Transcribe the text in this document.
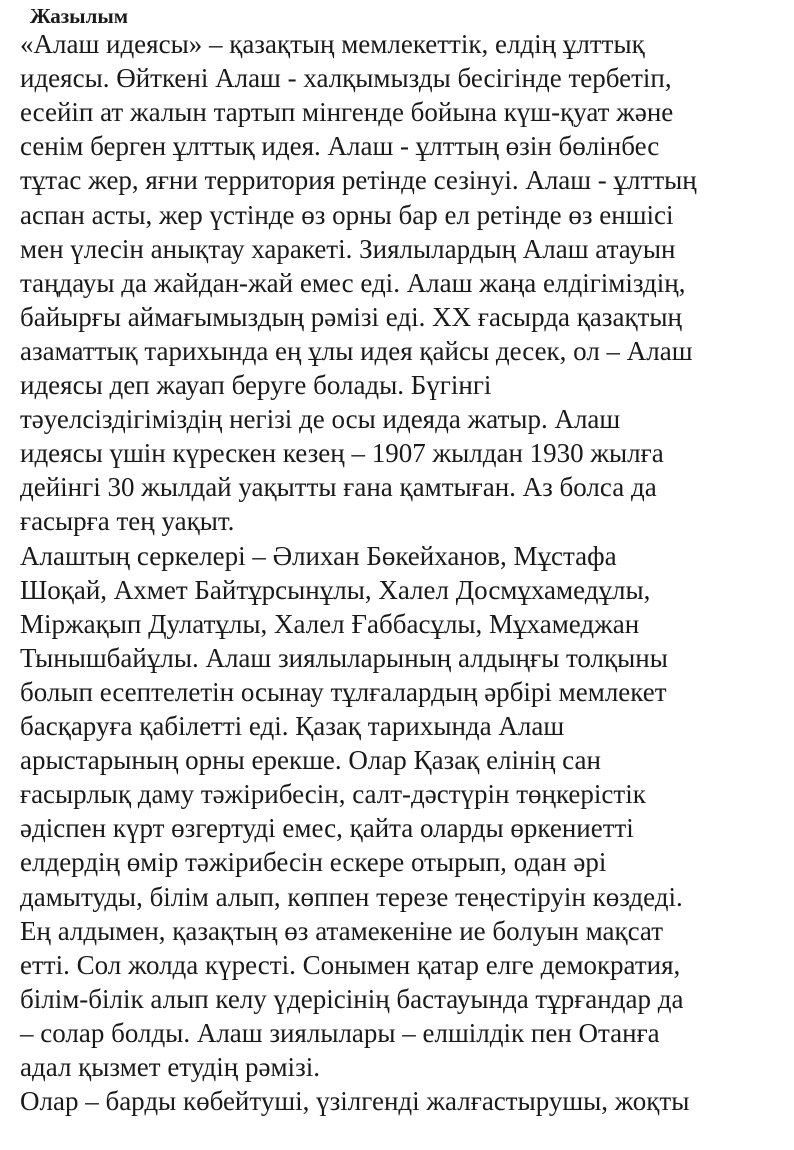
Жазылым
«Алаш идеясы» – қазақтың мемлекеттік, елдің ұлттық
идеясы. Өйткені Алаш - халқымызды бесігінде тербетіп,
есейіп ат жалын тартып мінгенде бойына күш-қуат және
сенім берген ұлттық идея. Алаш - ұлттың өзін бөлінбес
тұтас жер, яғни территория ретінде сезінуі. Алаш - ұлттың
аспан асты, жер үстінде өз орны бар ел ретінде өз еншісі
мен үлесін анықтау харакеті. Зиялылардың Алаш атауын
таңдауы да жайдан-жай емес еді. Алаш жаңа елдігіміздің,
байырғы аймағымыздың рәмізі еді. ХХ ғасырда қазақтың
азаматтық тарихында ең ұлы идея қайсы десек, ол – Алаш
идеясы деп жауап беруге болады. Бүгінгі
тәуелсіздігіміздің негізі де осы идеяда жатыр. Алаш
идеясы үшін күрескен кезең – 1907 жылдан 1930 жылға
дейінгі 30 жылдай уақытты ғана қамтыған. Аз болса да
ғасырға тең уақыт.
Алаштың серкелері – Әлихан Бөкейханов, Мұстафа
Шоқай, Ахмет Байтұрсынұлы, Халел Досмұхамедұлы,
Міржақып Дулатұлы, Халел Ғаббасұлы, Мұхамеджан
Тынышбайұлы. Алаш зиялыларының алдыңғы толқыны
болып есептелетін осынау тұлғалардың әрбірі мемлекет
басқаруға қабілетті еді. Қазақ тарихында Алаш
арыстарының орны ерекше. Олар Қазақ елінің сан
ғасырлық даму тәжірибесін, салт-дәстүрін төңкерістік
әдіспен күрт өзгертуді емес, қайта оларды өркениетті
елдердің өмір тәжірибесін ескере отырып, одан әрі
дамытуды, білім алып, көппен терезе теңестіруін көздеді.
Ең алдымен, қазақтың өз атамекеніне ие болуын мақсат
етті. Сол жолда күресті. Сонымен қатар елге демократия,
білім-білік алып келу үдерісінің бастауында тұрғандар да
– солар болды. Алаш зиялылары – елшілдік пен Отанға
адал қызмет етудің рәмізі.
Олар – барды көбейтуші, үзілгенді жалғастырушы, жоқты
